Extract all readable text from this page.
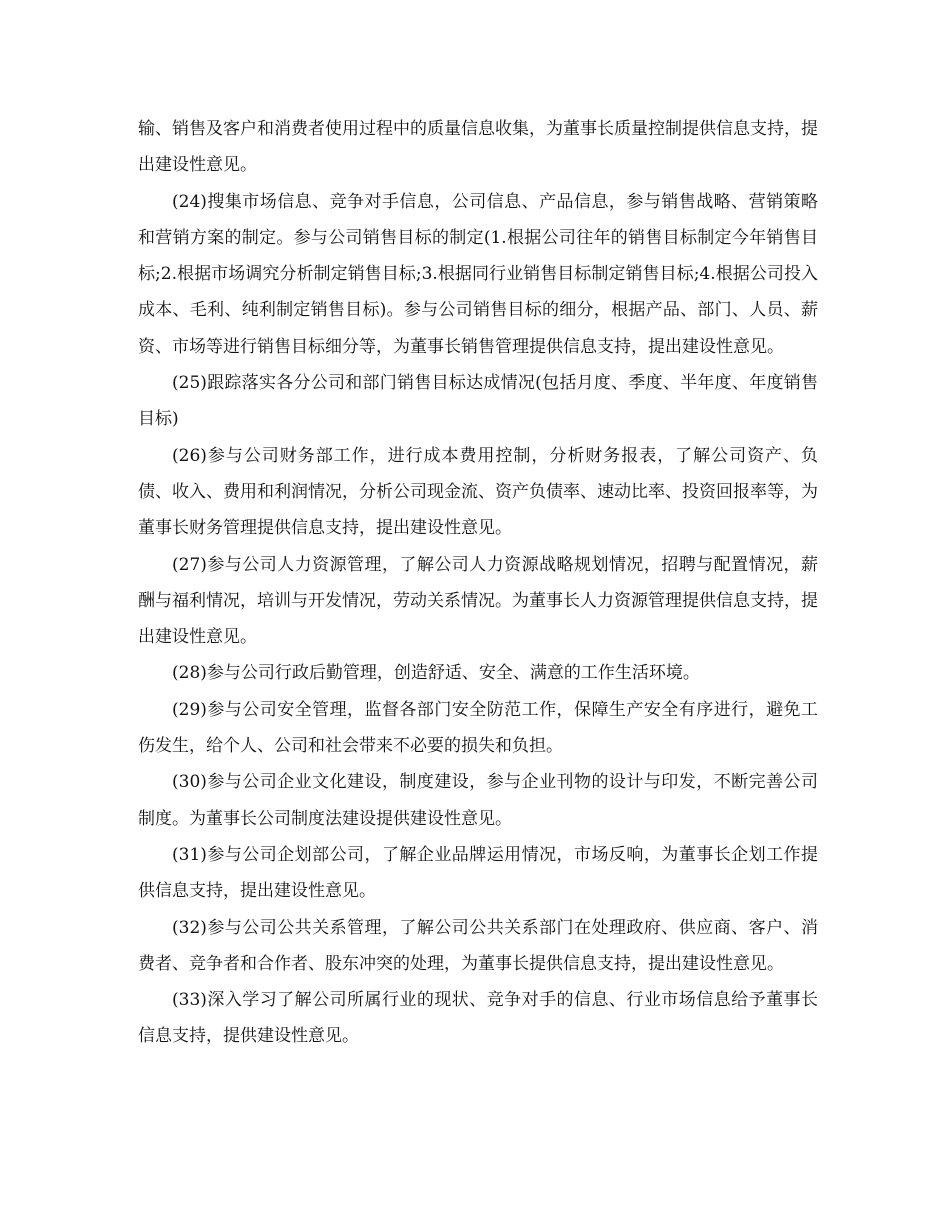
输、销售及客户和消费者使用过程中的质量信息收集，为董事长质量控制提供信息支持，提出建设性意见。

(24)搜集市场信息、竞争对手信息，公司信息、产品信息，参与销售战略、营销策略和营销方案的制定。参与公司销售目标的制定(1.根据公司往年的销售目标制定今年销售目标;2.根据市场调究分析制定销售目标;3.根据同行业销售目标制定销售目标;4.根据公司投入成本、毛利、纯利制定销售目标)。参与公司销售目标的细分，根据产品、部门、人员、薪资、市场等进行销售目标细分等，为董事长销售管理提供信息支持，提出建设性意见。

(25)跟踪落实各分公司和部门销售目标达成情况(包括月度、季度、半年度、年度销售目标)

(26)参与公司财务部工作，进行成本费用控制，分析财务报表，了解公司资产、负债、收入、费用和利润情况，分析公司现金流、资产负债率、速动比率、投资回报率等，为董事长财务管理提供信息支持，提出建设性意见。

(27)参与公司人力资源管理，了解公司人力资源战略规划情况，招聘与配置情况，薪酬与福利情况，培训与开发情况，劳动关系情况。为董事长人力资源管理提供信息支持，提出建设性意见。

(28)参与公司行政后勤管理，创造舒适、安全、满意的工作生活环境。

(29)参与公司安全管理，监督各部门安全防范工作，保障生产安全有序进行，避免工伤发生，给个人、公司和社会带来不必要的损失和负担。

(30)参与公司企业文化建设，制度建设，参与企业刊物的设计与印发，不断完善公司制度。为董事长公司制度法建设提供建设性意见。

(31)参与公司企划部公司，了解企业品牌运用情况，市场反响，为董事长企划工作提供信息支持，提出建设性意见。

(32)参与公司公共关系管理，了解公司公共关系部门在处理政府、供应商、客户、消费者、竞争者和合作者、股东冲突的处理，为董事长提供信息支持，提出建设性意见。

(33)深入学习了解公司所属行业的现状、竞争对手的信息、行业市场信息给予董事长信息支持，提供建设性意见。
